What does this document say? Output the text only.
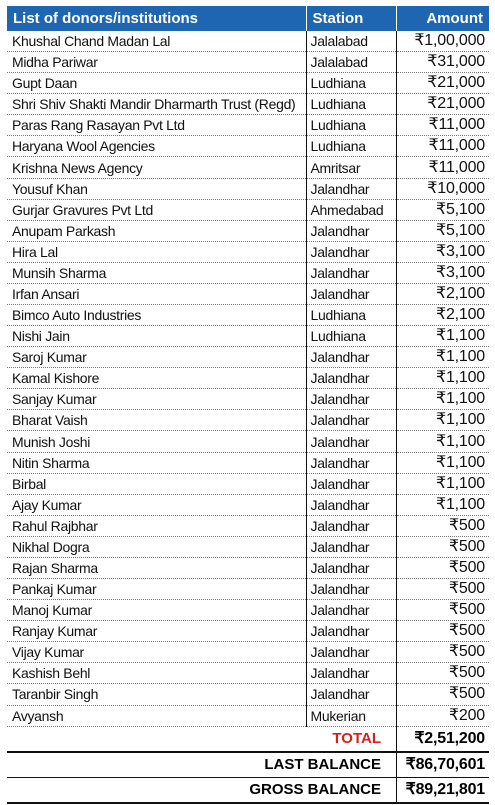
List of donors/institutions	Station	Amount
Khushal Chand Madan Lal	Jalalabad	₹1,00,000
Midha Pariwar	Jalalabad	₹31,000
Gupt Daan	Ludhiana	₹21,000
Shri Shiv Shakti Mandir Dharmarth Trust (Regd)	Ludhiana	₹21,000
Paras Rang Rasayan Pvt Ltd	Ludhiana	₹11,000
Haryana Wool Agencies	Ludhiana	₹11,000
Krishna News Agency	Amritsar	₹11,000
Yousuf Khan	Jalandhar	₹10,000
Gurjar Gravures Pvt Ltd	Ahmedabad	₹5,100
Anupam Parkash	Jalandhar	₹5,100
Hira Lal	Jalandhar	₹3,100
Munsih Sharma	Jalandhar	₹3,100
Irfan Ansari	Jalandhar	₹2,100
Bimco Auto Industries	Ludhiana	₹2,100
Nishi Jain	Ludhiana	₹1,100
Saroj Kumar	Jalandhar	₹1,100
Kamal Kishore	Jalandhar	₹1,100
Sanjay Kumar	Jalandhar	₹1,100
Bharat Vaish	Jalandhar	₹1,100
Munish Joshi	Jalandhar	₹1,100
Nitin Sharma	Jalandhar	₹1,100
Birbal	Jalandhar	₹1,100
Ajay Kumar	Jalandhar	₹1,100
Rahul Rajbhar	Jalandhar	₹500
Nikhal Dogra	Jalandhar	₹500
Rajan Sharma	Jalandhar	₹500
Pankaj Kumar	Jalandhar	₹500
Manoj Kumar	Jalandhar	₹500
Ranjay Kumar	Jalandhar	₹500
Vijay Kumar	Jalandhar	₹500
Kashish Behl	Jalandhar	₹500
Taranbir Singh	Jalandhar	₹500
Avyansh	Mukerian	₹200
TOTAL ₹2,51,200
LAST BALANCE ₹86,70,601
GROSS BALANCE ₹89,21,801
